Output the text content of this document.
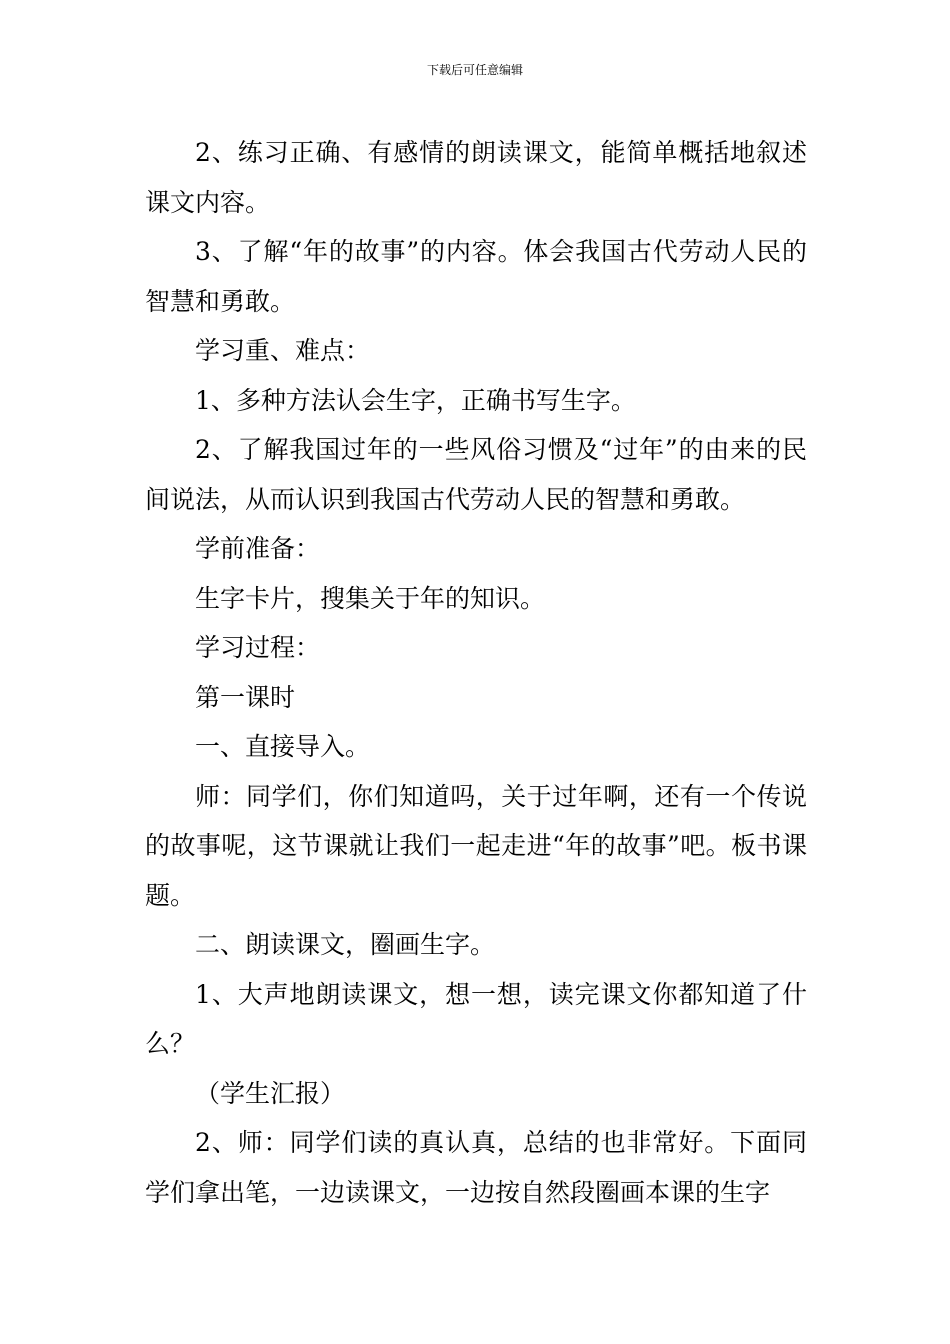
下载后可任意编辑

2、练习正确、有感情的朗读课文，能简单概括地叙述课文内容。

3、了解“年的故事”的内容。体会我国古代劳动人民的智慧和勇敢。

学习重、难点：

1、多种方法认会生字，正确书写生字。

2、了解我国过年的一些风俗习惯及“过年”的由来的民间说法，从而认识到我国古代劳动人民的智慧和勇敢。

学前准备：

生字卡片，搜集关于年的知识。

学习过程：

第一课时

一、直接导入。

师：同学们，你们知道吗，关于过年啊，还有一个传说的故事呢，这节课就让我们一起走进“年的故事”吧。板书课题。

二、朗读课文，圈画生字。

1、大声地朗读课文，想一想，读完课文你都知道了什么？

（学生汇报）

2、师：同学们读的真认真，总结的也非常好。下面同学们拿出笔，一边读课文，一边按自然段圈画本课的生字
